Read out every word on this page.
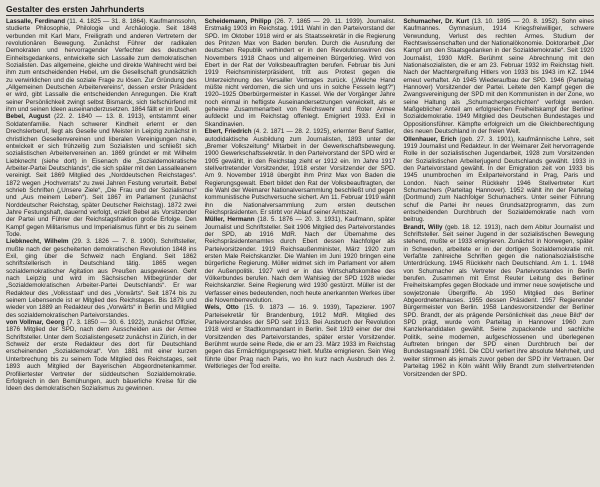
Gestalter des ersten Jahrhunderts

Lassalle, Ferdinand (11. 4. 1825 — 31. 8. 1864). Kaufmannssohn, studierte Philosophie, Philologie und Archäologie. Seit 1848 verbunden mit Karl Marx, Freiligrath und anderen Vertretern der revolutionären Bewegung. Zunächst Führer der radikalen Demokraten und hervorragender Verfechter des deutschen Einheitsgedankens, entwickelte sich Lassalle zum demokratischen Sozialisten. Das allgemeine, gleiche und direkte Wahlrecht wird bei ihm zum entscheidenden Hebel, um die Gesellschaft grundsätzlich zu verwirklichen und die soziale Frage zu lösen. Zur Gründung des „Allgemeinen Deutschen Arbeitervereins“, dessen erster Präsident er wird, gibt Lassalle die entscheidenden Anregungen. Die Kraft seiner Persönlichkeit zwingt selbst Bismarck, sich tiefschürfend mit ihm und seinen Ideen auseinanderzusetzen. 1864 fällt er im Duell.

Bebel, August (22. 2. 1840 — 13. 8. 1913), entstammt einer Soldatenfamilie. Nach schwerer Kindheit erlernt er den Drechslerberuf, liegt als Geselle und Meister in Leipzig zunächst in christlichen Gesellenvereinen und liberalen Vereinigungen nahe, entwickelt er sich frühzeitig zum Sozialisten und schließt sich sozialistischen Arbeitervereinen an. 1869 gründet er mit Wilhelm Liebknecht (siehe dort) in Eisenach die „Sozialdemokratische Arbeiter-Partei Deutschlands“, die sich später mit den Lassalleanern vereinigt. Seit 1869 Mitglied des „Norddeutschen Reichstages“. 1872 wegen „Hochverrats“ zu zwei Jahren Festung verurteilt. Bebel schrieb Schriften („Unsere Ziele“, „Die Frau und der Sozialismus“ und „Aus meinem Leben“). Seit 1867 im Parlament (zunächst Norddeutscher Reichstag, später Deutscher Reichstag). 1872 zwei Jahre Festungshaft, dauernd verfolgt, erzielt Bebel als Vorsitzender der Partei und Führer der Reichstagsfraktion große Erfolge. Den Kampf gegen Militarismus und Imperialismus führt er bis zu seinem Tode.

Liebknecht, Wilhelm (29. 3. 1826 — 7. 8. 1900). Schriftsteller, mußte nach der gescheiterten demokratischen Revolution 1848 ins Exil, ging über die Schweiz nach England. Seit 1862 schriftstellerisch in Deutschland tätig. 1865 wegen sozialdemokratischer Agitation aus Preußen ausgewiesen. Geht nach Leipzig und wird im Sächsischen Mitbegründer der „Sozialdemokratischen Arbeiter-Partei Deutschlands“. Er war Redakteur des „Volksstaat“ und des „Vorwärts“. Seit 1874 bis zu seinem Lebensende ist er Mitglied des Reichstages. Bis 1879 und wieder von 1889 an Redakteur des „Vorwärts“ in Berlin und Mitglied des sozialdemokratischen Parteivorstandes.

von Vollmar, Georg (7. 3. 1850 — 30. 6. 1922), zunächst Offizier, 1876 Mitglied der SPD, nach dem Ausscheiden aus der Armee Schriftsteller. Unter dem Sozialistengesetz zunächst in Zürich, in der Schweiz der erste Redakteur des dort für Deutschland erscheinenden „Sozialdemokrat“. Von 1881 mit einer kurzen Unterbrechung bis zu seinem Tode Mitglied des Reichstages, seit 1893 auch Mitglied der Bayerischen Abgeordnetenkammer. Profiliertester Vertreter der süddeutschen Sozialdemokratie. Erfolgreich in den Bemühungen, auch bäuerliche Kreise für die Ideen des demokratischen Sozialismus zu gewinnen.

Scheidemann, Philipp (26. 7. 1865 — 29. 11. 1939). Journalist. Erstmalig 1903 im Reichstag. 1911 Wahl in den Parteivorstand der SPD. Im Oktober 1918 wird er als Staatssekretär in die Regierung des Prinzen Max von Baden berufen. Durch die Ausrufung der deutschen Republik verhindert er in den Revolutionswirren des Novembers 1918 Chaos und allgemeinen Bürgerkrieg. Wird von Ebert in der Rat der Volksbeauftragten berufen. Februar bis Juni 1919 Reichsministerpräsident, tritt aus Protest gegen die Unterzeichnung des Versailler Vertrages zurück. („Welche Hand müßte nicht verdorren, die sich und uns in solche Fesseln legt?“) 1920–1925 Oberbürgermeister in Kassel. Wie der Vorgänger Jahre noch einmal in heftigste Auseinandersetzungen verwickelt, als er geheime Zusammenarbeit von Reichswehr und Roter Armee aufdeckt und im Reichstag offenlegt. Emigriert 1933. Exil in Skandinavien.

Ebert, Friedrich (4. 2. 1871 — 28. 2. 1925), erlernter Beruf Sattler, autodidaktische Ausbildung zum Journalisten, 1893 unter der „Bremer Volkszeitung“ Mitarbeit in der Gewerkschaftsbewegung. 1900 Gewerkschaftssekretär. In den Parteivorstand der SPD wird er 1905 gewählt, in den Reichstag zieht er 1912 ein. Im Jahre 1917 stellvertretender Vorsitzender, 1918 erster Vorsitzender der SPD. Am 9. November 1918 übergibt ihm Prinz Max von Baden die Regierungsgewalt. Ebert bildet den Rat der Volksbeauftragten, der die Wahl der Weimarer Nationalversammlung beschließt und gegen kommunistische Putschversuche sichert. Am 11. Februar 1919 wählt ihn die Nationalversammlung zum ersten deutschen Reichspräsidenten. Er stirbt vor Ablauf seiner Amtszeit.

Müller, Hermann (18. 5. 1876 — 20. 3. 1931), Kaufmann, später Journalist und Schriftsteller. Seit 1906 Mitglied des Parteivorstandes der SPD, ab 1916 MdR. Nach der Übernahme des Reichspräsidentenamtes durch Ebert dessen Nachfolger als Parteivorsitzender. 1919 Reichsaußenminister, März 1920 zum ersten Male Reichskanzler. Die Wahlen im Juni 1920 bringen eine bürgerliche Regierung. Müller widmet sich im Parlament vor allem der Außenpolitik. 1927 wird er in das Wirtschaftskomitee des Völkerbundes berufen. Nach dem Wahlsieg der SPD 1928 wieder Reichskanzler. Seine Regierung wird 1930 gestürzt. Müller ist der Verfasser eines bedeutenden, noch heute anerkannten Werkes über die Novemberrevolution.

Wels, Otto (15. 9. 1873 — 16. 9. 1939), Tapezierer. 1907 Parteisekretär für Brandenburg, 1912 MdR. Mitglied des Parteivorstandes der SPD seit 1913. Bei Ausbruch der Revolution 1918 wird er Stadtkommandant in Berlin. Seit 1919 einer der drei Vorsitzenden des Parteivorstandes, später erster Vorsitzender. Berühmt wurde seine Rede, die er am 23. März 1933 im Reichstag gegen das Ermächtigungsgesetz hielt. Mußte emigrieren. Sein Weg führte über Prag nach Paris, wo ihn kurz nach Ausbruch des 2. Weltkrieges der Tod ereilte.

Schumacher, Dr. Kurt (13. 10. 1895 — 20. 8. 1952). Sohn eines Kaufmannes. Gymnasium, 1914 Kriegsfreiwilliger, schwere Verwundung, Verlust des rechten Armes. Studium der Rechtswissenschaften und der Nationalökonomie. Doktorarbeit „Der Kampf um den Staatsgedanken in der Sozialdemokratie“. Seit 1920 Journalist, 1930 MdR. Berühmt seine Abrechnung mit den Nationalsozialisten, die er am 23. Februar 1932 im Reichstag hielt. Nach der Machtergreifung Hitlers von 1933 bis 1943 im KZ. 1944 erneut verhaftet. Ab 1945 Wiederaufbau der SPD. 1946 (Parteitag Hannover) Vorsitzender der Partei. Leitete den Kampf gegen die Zwangsvereinigung der SPD mit den Kommunisten in der Zone, wo seine Haltung als „Schumachergeschichten“ verfolgt werden. Maßgeblicher Anteil am erfolgreichen Freiheitskampf der Berliner Sozialdemokratie. 1949 Mitglied des Deutschen Bundestages und Oppositionsführer. Kämpfte erfolgreich um die Gleichberechtigung des neuen Deutschland in der freien Welt.

Ollenhauer, Erich (geb. 27. 3. 1901), kaufmännische Lehre, seit 1919 Journalist und Redakteur. In der Weimarer Zeit hervorragende Rolle in der sozialistischen Jugendarbeit, 1928 zum Vorsitzenden der Sozialistischen Arbeiterjugend Deutschlands gewählt. 1933 in den Parteivorstand gewählt. In der Emigration zeit von 1933 bis 1945 unumbrochen im Exilparteivorstand in Prag, Paris und London. Nach seiner Rückkehr 1946 Stellvertreter Kurt Schumachers (Parteitag Hannover). 1952 wählt ihn der Parteitag (Dortmund) zum Nachfolger Schumachers. Unter seiner Führung schuf die Partei ihr neues Grundsatzprogramm, das zum entscheidenden Durchbruch der Sozialdemokratie nach vorn beitrug.

Brandt, Willy (geb. 18. 12. 1913), nach dem Abitur Journalist und Schriftsteller. Seit seiner Jugend in der sozialistischen Bewegung stehend, mußte er 1933 emigrieren. Zunächst in Norwegen, später in Schweden, arbeitete er in der dortigen Sozialdemokratie mit. Verfaßte zahlreiche Schriften gegen die nationalsozialistische Unterdrückung. 1945 Rückkehr nach Deutschland. Am 1. 1. 1948 von Schumacher als Vertreter des Parteivorstandes in Berlin berufen. Zusammen mit Ernst Reuter Leitung des Berliner Freiheitskampfes gegen Blockade und immer neue sowjetische und sowjetzonale Übergriffe. Ab 1950 Mitglied des Berliner Abgeordnetenhauses. 1955 dessen Präsident. 1957 Regierender Bürgermeister von Berlin. 1958 Landesvorsitzender der Berliner SPD. Brandt, der als prägende Persönlichkeit das „neue Bild“ der SPD prägt, wurde vom Parteitag in Hannover 1960 zum Kanzlerkandidaten gewählt. Seine zupackende und sachliche Politik, seine modernen, aufgeschlossenen und überlegenen Auftreten bringen der SPD einen Durchbruch bei der Bundestagswahl 1961. Die CDU verliert ihre absolute Mehrheit, und weiter stimmen als jemals zuvor geben der SPD ihr Vertrauen. Der Parteitag 1962 in Köln wählt Willy Brandt zum stellvertretenden Vorsitzenden der SPD.
